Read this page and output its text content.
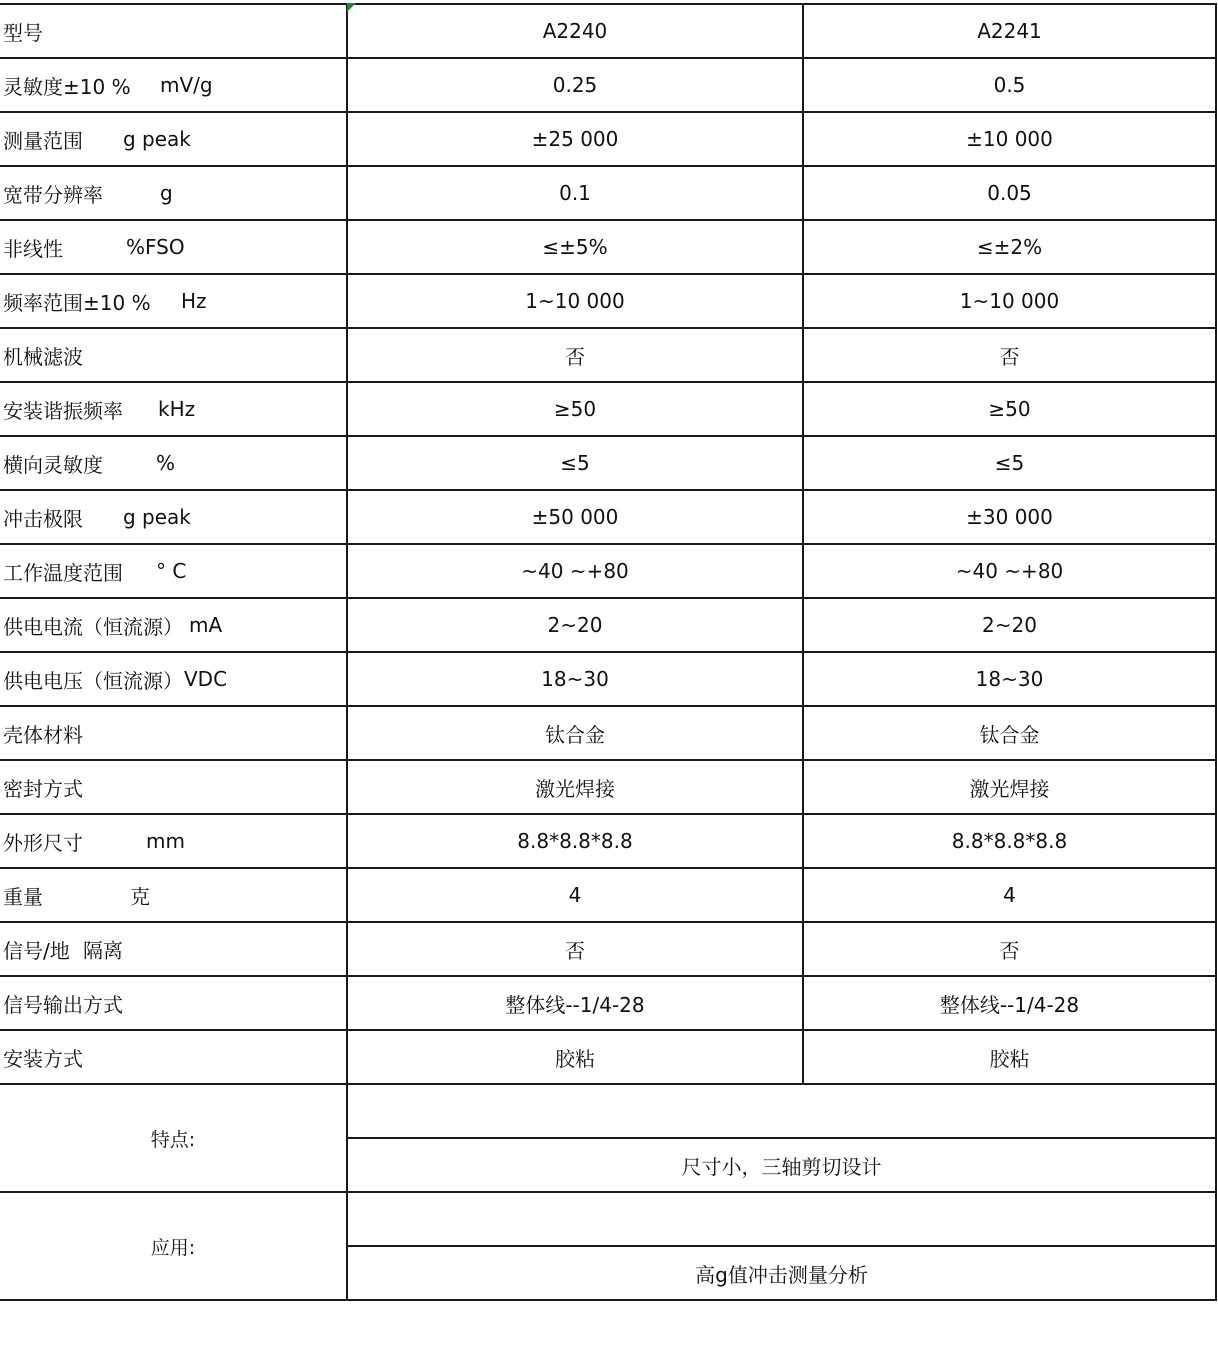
型号	A2240	A2241
灵敏度±10 % mV/g	0.25	0.5
测量范围 g peak	±25 000	±10 000
宽带分辨率 g	0.1	0.05
非线性 %FSO	≤±5%	≤±2%
频率范围±10 % Hz	1~10 000	1~10 000
机械滤波	否	否
安装谐振频率 kHz	≥50	≥50
横向灵敏度 %	≤5	≤5
冲击极限 g peak	±50 000	±30 000
工作温度范围 ° C	~40 ~+80	~40 ~+80
供电电流（恒流源） mA	2~20	2~20
供电电压（恒流源） VDC	18~30	18~30
壳体材料	钛合金	钛合金
密封方式	激光焊接	激光焊接
外形尺寸 mm	8.8*8.8*8.8	8.8*8.8*8.8
重量 克	4	4
信号/地 隔离	否	否
信号输出方式	整体线--1/4-28	整体线--1/4-28
安装方式	胶粘	胶粘
特点:		
	尺寸小，三轴剪切设计	
应用:		
	高g值冲击测量分析	
